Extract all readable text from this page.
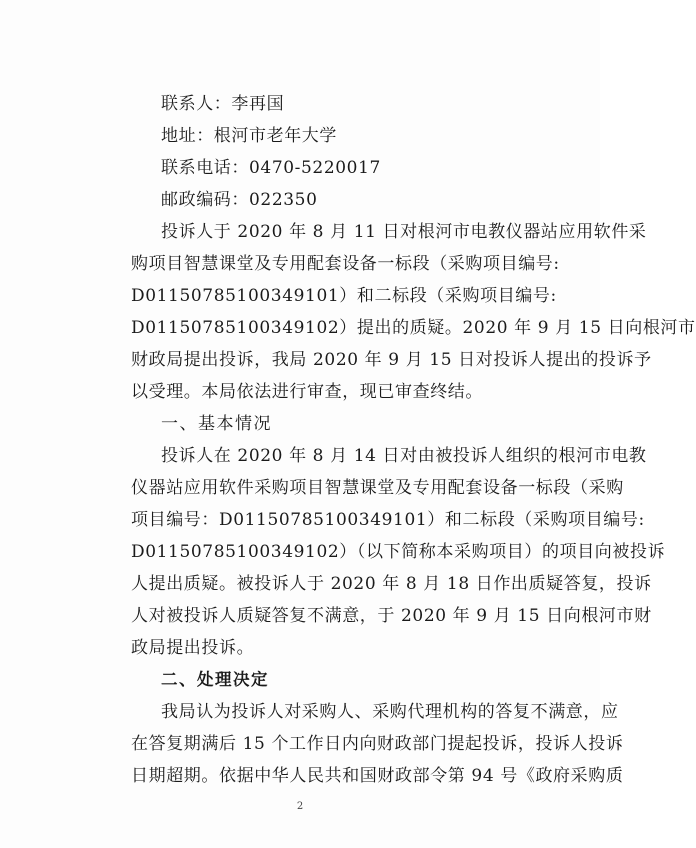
联系人：李再国
地址：根河市老年大学
联系电话：0470-5220017
邮政编码：022350
投诉人于 2020 年 8 月 11 日对根河市电教仪器站应用软件采
购项目智慧课堂及专用配套设备一标段（采购项目编号:
D01150785100349101）和二标段（采购项目编号:
D01150785100349102）提出的质疑。2020 年 9 月 15 日向根河市
财政局提出投诉，我局 2020 年 9 月 15 日对投诉人提出的投诉予
以受理。本局依法进行审查，现已审查终结。
一、基本情况
投诉人在 2020 年 8 月 14 日对由被投诉人组织的根河市电教
仪器站应用软件采购项目智慧课堂及专用配套设备一标段（采购
项目编号：D01150785100349101）和二标段（采购项目编号:
D01150785100349102）（以下简称本采购项目）的项目向被投诉
人提出质疑。被投诉人于 2020 年 8 月 18 日作出质疑答复，投诉
人对被投诉人质疑答复不满意，于 2020 年 9 月 15 日向根河市财
政局提出投诉。
二、处理决定
我局认为投诉人对采购人、采购代理机构的答复不满意，应
在答复期满后 15 个工作日内向财政部门提起投诉，投诉人投诉
日期超期。依据中华人民共和国财政部令第 94 号《政府采购质
2
